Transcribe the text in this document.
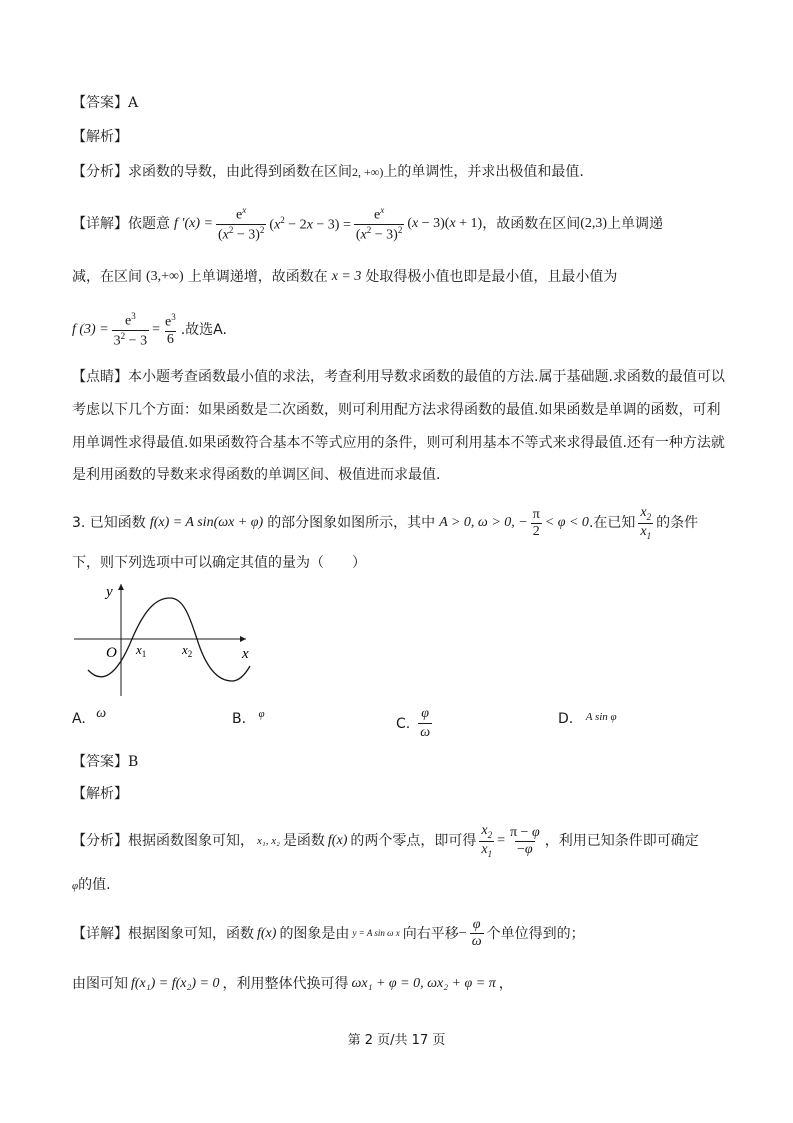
【答案】A
【解析】
【分析】求函数的导数，由此得到函数在区间2, +∞)上的单调性，并求出极值和最值.
【详解】 依题意 f $'(x) = \frac{e^x}{(x^2 - 3)^2} (x^2 - 2x - 3) = \frac{e^x}{(x^2 - 3)^2} (x - 3)(x + 1)$ ，故函数在区间 (2,3) 上单调递
减，在区间 (3,+∞) 上单调递增，故函数在 x = 3 处取得极小值也即是最小值，且最小值为
f $(3) = \frac{e^3}{3^2 - 3} = \frac{e^3}{6}$ .故选A.
【点睛】本小题考查函数最小值的求法，考查利用导数求函数的最值的方法.属于基础题.求函数的最值可以
考虑以下几个方面：如果函数是二次函数，则可利用配方法求得函数的最值.如果函数是单调的函数，可利
用单调性求得最值.如果函数符合基本不等式应用的条件，则可利用基本不等式来求得最值.还有一种方法就
是利用函数的导数来求得函数的单调区间、极值进而求最值.
3. 已知函数 f(x) = A sin(ωx + φ) 的部分图象如图所示，其中 A > 0, ω > 0, − $\frac{\pi}{2} < \varphi < 0$ .在已知 $\frac{x_2}{x_1}$ 的条件
下，则下列选项中可以确定其值的量为（　　）
y
x
O $x_1$	$x_2$
A. ω	B. $^\varphi$
C. $\frac{\varphi}{\omega}$	D. $^{A sin \varphi}$
【答案】B
【解析】
【分析】 根据函数图象可知， x₁, x₂ 是函数 f(x) 的两个零点，即可得 $\frac{x_2}{x_1} = \frac{\pi - \varphi}{-\varphi}$ ，利用已知条件即可确定
φ的值.
【详解】 根据图象可知，函数 f(x) 的图象是由 y = A sin ω x 向右平移 − $\frac{\varphi}{\omega}$ 个单位得到的；
由图可知 f(x₁) = f(x₂) = 0 ，利用整体代换可得 ωx₁ + φ = 0, ωx₂ + φ = π ，
第 2 页/共 17 页
